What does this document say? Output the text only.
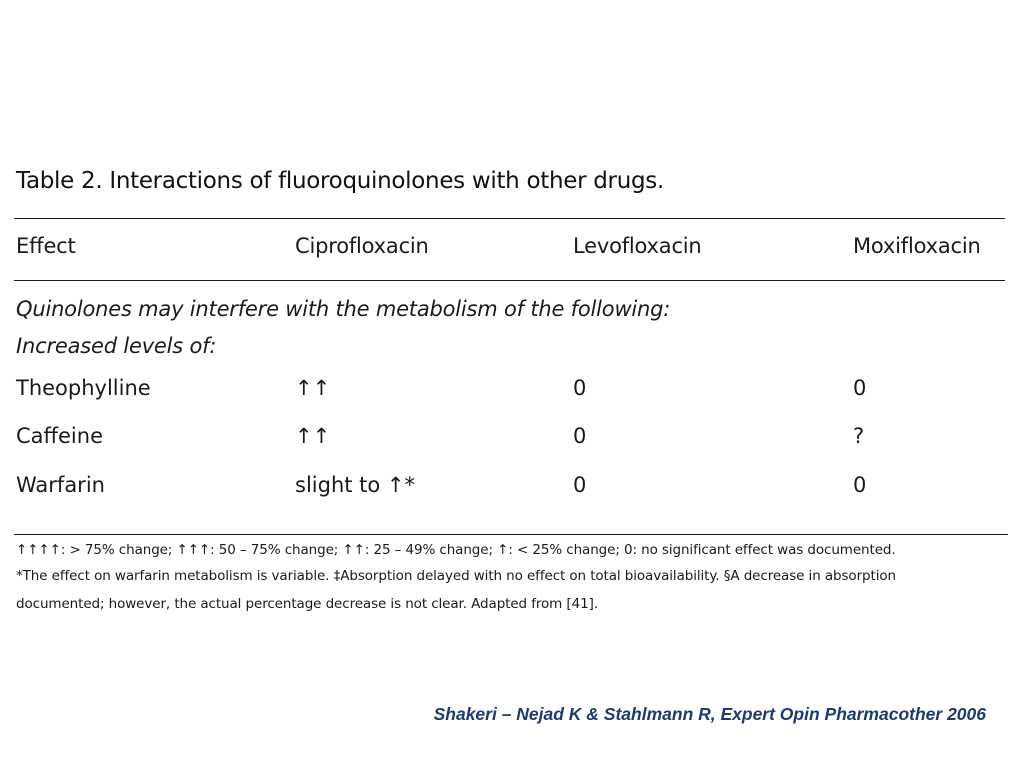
Table 2. Interactions of fluoroquinolones with other drugs.
Effect	Ciprofloxacin	Levofloxacin	Moxifloxacin
Quinolones may interfere with the metabolism of the following:
Increased levels of:
Theophylline	↑↑	0	0
Caffeine	↑↑	0	?
Warfarin	slight to ↑*	0	0
↑↑↑↑: > 75% change; ↑↑↑: 50 – 75% change; ↑↑: 25 – 49% change; ↑: < 25% change; 0: no significant effect was documented.
*The effect on warfarin metabolism is variable. ‡Absorption delayed with no effect on total bioavailability. §A decrease in absorption
documented; however, the actual percentage decrease is not clear. Adapted from [41].
Shakeri – Nejad K & Stahlmann R, Expert Opin Pharmacother 2006
